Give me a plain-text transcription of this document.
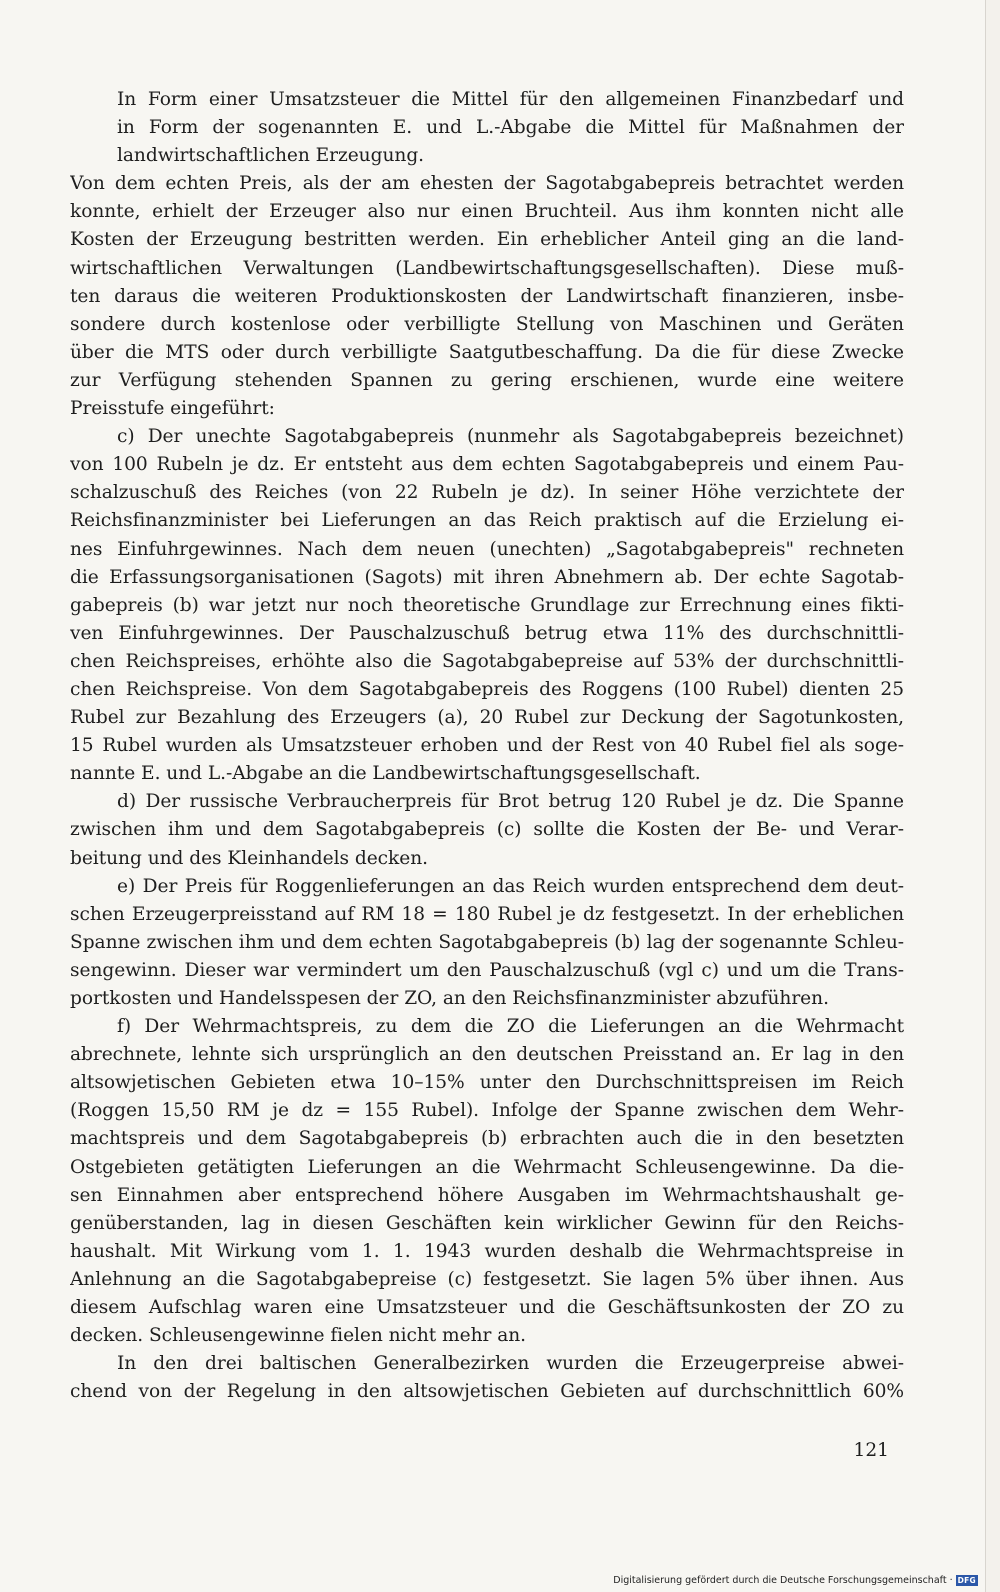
In Form einer Umsatzsteuer die Mittel für den allgemeinen Finanzbedarf und
in Form der sogenannten E. und L.-Abgabe die Mittel für Maßnahmen der
landwirtschaftlichen Erzeugung.
Von dem echten Preis, als der am ehesten der Sagotabgabepreis betrachtet werden
konnte, erhielt der Erzeuger also nur einen Bruchteil. Aus ihm konnten nicht alle
Kosten der Erzeugung bestritten werden. Ein erheblicher Anteil ging an die land-
wirtschaftlichen Verwaltungen (Landbewirtschaftungsgesellschaften). Diese muß-
ten daraus die weiteren Produktionskosten der Landwirtschaft finanzieren, insbe-
sondere durch kostenlose oder verbilligte Stellung von Maschinen und Geräten
über die MTS oder durch verbilligte Saatgutbeschaffung. Da die für diese Zwecke
zur Verfügung stehenden Spannen zu gering erschienen, wurde eine weitere
Preisstufe eingeführt:
c) Der unechte Sagotabgabepreis (nunmehr als Sagotabgabepreis bezeichnet)
von 100 Rubeln je dz. Er entsteht aus dem echten Sagotabgabepreis und einem Pau-
schalzuschuß des Reiches (von 22 Rubeln je dz). In seiner Höhe verzichtete der
Reichsfinanzminister bei Lieferungen an das Reich praktisch auf die Erzielung ei-
nes Einfuhrgewinnes. Nach dem neuen (unechten) „Sagotabgabepreis" rechneten
die Erfassungsorganisationen (Sagots) mit ihren Abnehmern ab. Der echte Sagotab-
gabepreis (b) war jetzt nur noch theoretische Grundlage zur Errechnung eines fikti-
ven Einfuhrgewinnes. Der Pauschalzuschuß betrug etwa 11% des durchschnittli-
chen Reichspreises, erhöhte also die Sagotabgabepreise auf 53% der durchschnittli-
chen Reichspreise. Von dem Sagotabgabepreis des Roggens (100 Rubel) dienten 25
Rubel zur Bezahlung des Erzeugers (a), 20 Rubel zur Deckung der Sagotunkosten,
15 Rubel wurden als Umsatzsteuer erhoben und der Rest von 40 Rubel fiel als soge-
nannte E. und L.-Abgabe an die Landbewirtschaftungsgesellschaft.
d) Der russische Verbraucherpreis für Brot betrug 120 Rubel je dz. Die Spanne
zwischen ihm und dem Sagotabgabepreis (c) sollte die Kosten der Be- und Verar-
beitung und des Kleinhandels decken.
e) Der Preis für Roggenlieferungen an das Reich wurden entsprechend dem deut-
schen Erzeugerpreisstand auf RM 18 = 180 Rubel je dz festgesetzt. In der erheblichen
Spanne zwischen ihm und dem echten Sagotabgabepreis (b) lag der sogenannte Schleu-
sengewinn. Dieser war vermindert um den Pauschalzuschuß (vgl c) und um die Trans-
portkosten und Handelsspesen der ZO, an den Reichsfinanzminister abzuführen.
f) Der Wehrmachtspreis, zu dem die ZO die Lieferungen an die Wehrmacht
abrechnete, lehnte sich ursprünglich an den deutschen Preisstand an. Er lag in den
altsowjetischen Gebieten etwa 10–15% unter den Durchschnittspreisen im Reich
(Roggen 15,50 RM je dz = 155 Rubel). Infolge der Spanne zwischen dem Wehr-
machtspreis und dem Sagotabgabepreis (b) erbrachten auch die in den besetzten
Ostgebieten getätigten Lieferungen an die Wehrmacht Schleusengewinne. Da die-
sen Einnahmen aber entsprechend höhere Ausgaben im Wehrmachtshaushalt ge-
genüberstanden, lag in diesen Geschäften kein wirklicher Gewinn für den Reichs-
haushalt. Mit Wirkung vom 1. 1. 1943 wurden deshalb die Wehrmachtspreise in
Anlehnung an die Sagotabgabepreise (c) festgesetzt. Sie lagen 5% über ihnen. Aus
diesem Aufschlag waren eine Umsatzsteuer und die Geschäftsunkosten der ZO zu
decken. Schleusengewinne fielen nicht mehr an.
In den drei baltischen Generalbezirken wurden die Erzeugerpreise abwei-
chend von der Regelung in den altsowjetischen Gebieten auf durchschnittlich 60%
121
Digitalisierung gefördert durch die Deutsche Forschungsgemeinschaft · DFG
